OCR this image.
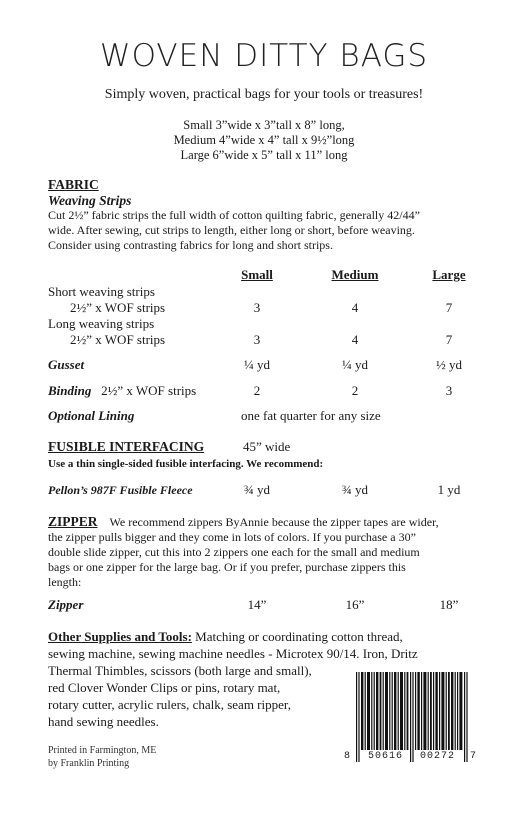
WOVEN DITTY BAGS
Simply woven, practical bags for your tools or treasures!
Small 3”wide x 3”tall x 8” long,
Medium 4”wide x 4” tall x 9½”long
Large 6”wide x 5” tall x 11” long
FABRIC
Weaving Strips
Cut 2½” fabric strips the full width of cotton quilting fabric, generally 42/44”
wide. After sewing, cut strips to length, either long or short, before weaving.
Consider using contrasting fabrics for long and short strips.
Small	Medium	Large
Short weaving strips
2½” x WOF strips	3	4	7
Long weaving strips
2½” x WOF strips	3	4	7
Gusset	¼ yd	¼ yd	½ yd
Binding 2½” x WOF strips	2	2	3
Optional Lining	one fat quarter for any size
FUSIBLE INTERFACING	45” wide
Use a thin single-sided fusible interfacing. We recommend:
Pellon’s 987F Fusible Fleece	¾ yd	¾ yd	1 yd
ZIPPER We recommend zippers ByAnnie because the zipper tapes are wider,
the zipper pulls bigger and they come in lots of colors. If you purchase a 30”
double slide zipper, cut this into 2 zippers one each for the small and medium
bags or one zipper for the large bag. Or if you prefer, purchase zippers this
length:
Zipper	14”	16”	18”
Other Supplies and Tools: Matching or coordinating cotton thread,
sewing machine, sewing machine needles - Microtex 90/14. Iron, Dritz
Thermal Thimbles, scissors (both large and small),
red Clover Wonder Clips or pins, rotary mat,
rotary cutter, acrylic rulers, chalk, seam ripper,
hand sewing needles.
Printed in Farmington, ME
by Franklin Printing
8 50616 00272 7
